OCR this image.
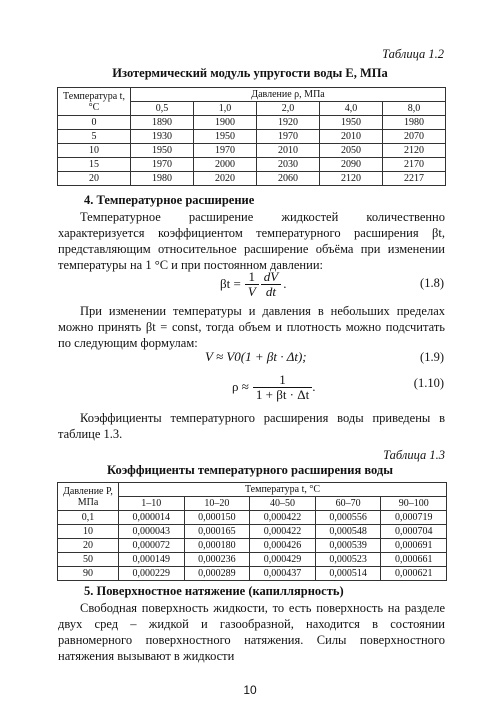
Таблица 1.2
Изотермический модуль упругости воды E, МПа
Температура t, °C	Давление ρ, МПа				
	0,5	1,0	2,0	4,0	8,0
0	1890	1900	1920	1950	1980
5	1930	1950	1970	2010	2070
10	1950	1970	2010	2050	2120
15	1970	2000	2030	2090	2170
20	1980	2020	2060	2120	2217
4. Температурное расширение
Температурное расширение жидкостей количественно характеризуется коэффициентом температурного расширения βt, представляющим относительное расширение объёма при изменении температуры на 1 °С и при постоянном давлении:
$\beta t = \frac{1}{V} \frac{dV}{dt}$ .	(1.8)
При изменении температуры и давления в небольших пределах можно принять βt = const, тогда объем и плотность можно подсчитать по следующим формулам:
V ≈ V0(1 + βt · Δt);	(1.9)
$\rho \approx \frac{1}{1 + \beta t \cdot \Delta t}$ .	(1.10)
Коэффициенты температурного расширения воды приведены в таблице 1.3.
Таблица 1.3
Коэффициенты температурного расширения воды
Давление P, МПа	Температура t, °C				
	1–10	10–20	40–50	60–70	90–100
0,1	0,000014	0,000150	0,000422	0,000556	0,000719
10	0,000043	0,000165	0,000422	0,000548	0,000704
20	0,000072	0,000180	0,000426	0,000539	0,000691
50	0,000149	0,000236	0,000429	0,000523	0,000661
90	0,000229	0,000289	0,000437	0,000514	0,000621
5. Поверхностное натяжение (капиллярность)
Свободная поверхность жидкости, то есть поверхность на разделе двух сред – жидкой и газообразной, находится в состоянии равномерного поверхностного натяжения. Силы поверхностного натяжения вызывают в жидкости
10
